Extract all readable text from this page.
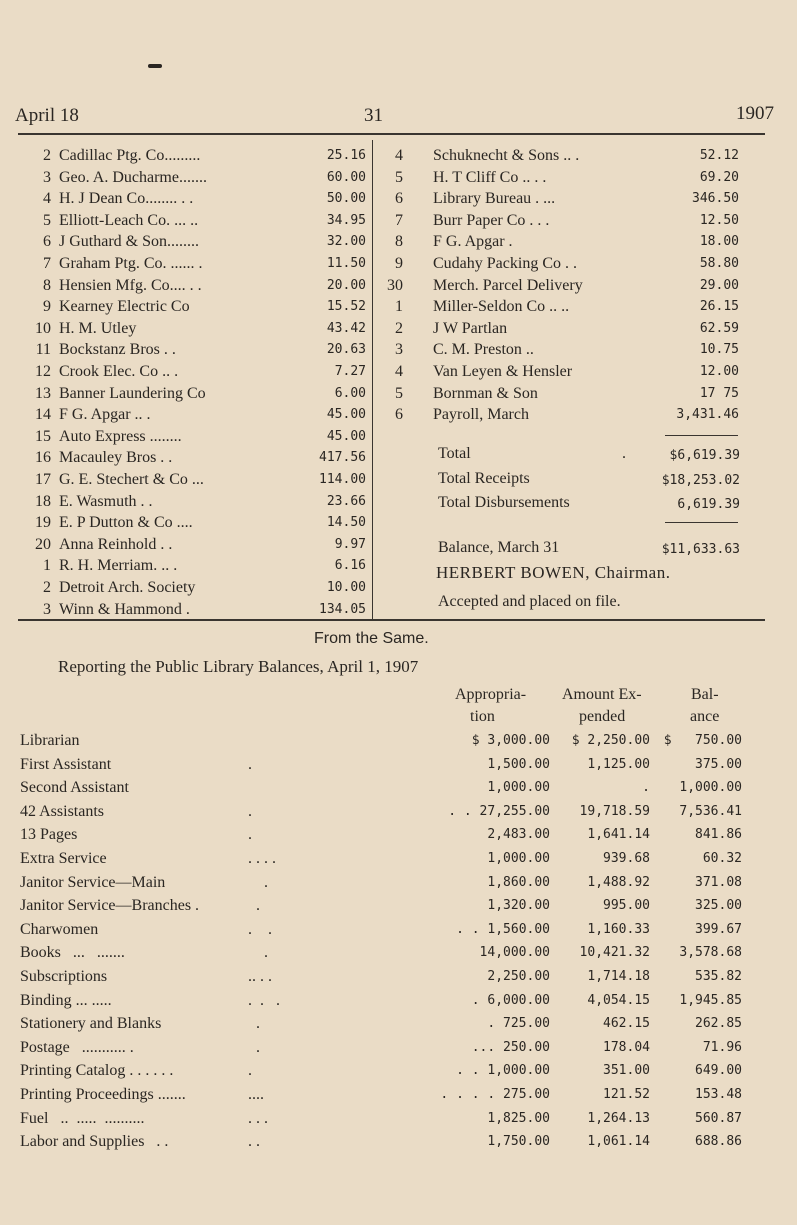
April 18	31	1907
2 Cadillac Ptg. Co.........	25.16
3 Geo. A. Ducharme.......	60.00
4 H. J Dean Co........ . .	50.00
5 Elliott-Leach Co. ... ..	34.95
6 J Guthard & Son........	32.00
7 Graham Ptg. Co. ...... .	11.50
8 Hensien Mfg. Co.... . .	20.00
9 Kearney Electric Co	15.52
10 H. M. Utley	43.42
11 Bockstanz Bros . .	20.63
12 Crook Elec. Co .. .	7.27
13 Banner Laundering Co	6.00
14 F G. Apgar .. .	45.00
15 Auto Express ........	45.00
16 Macauley Bros . .	417.56
17 G. E. Stechert & Co ...	114.00
18 E. Wasmuth . .	23.66
19 E. P Dutton & Co ....	14.50
20 Anna Reinhold . .	9.97
1 R. H. Merriam. .. .	6.16
2 Detroit Arch. Society	10.00
3 Winn & Hammond .	134.05
4 Schuknecht & Sons .. .	52.12
5 H. T Cliff Co .. . .	69.20
6 Library Bureau . ...	346.50
7 Burr Paper Co . . .	12.50
8 F G. Apgar .	18.00
9 Cudahy Packing Co . .	58.80
30 Merch. Parcel Delivery	29.00
1 Miller-Seldon Co .. ..	26.15
2 J W Partlan	62.59
3 C. M. Preston ..	10.75
4 Van Leyen & Hensler	12.00
5 Bornman & Son	17 75
6 Payroll, March	3,431.46
Total	.	$6,619.39
Total Receipts	$18,253.02
Total Disbursements	6,619.39
Balance, March 31	$11,633.63
HERBERT BOWEN, Chairman.
Accepted and placed on file.
From the Same.
Reporting the Public Library Balances, April 1, 1907
Appropria-
tion
Amount Ex-
pended
Bal-
ance
Librarian	$ 3,000.00	$ 2,250.00	$   750.00
First Assistant	.	1,500.00	1,125.00	375.00
Second Assistant	1,000.00	.	1,000.00
42 Assistants	.	. . 27,255.00	19,718.59	7,536.41
13 Pages	.	2,483.00	1,641.14	841.86
Extra Service	. . . .	1,000.00	939.68	60.32
Janitor Service—Main	.	1,860.00	1,488.92	371.08
Janitor Service—Branches .	.	1,320.00	995.00	325.00
Charwomen	.    .	. . 1,560.00	1,160.33	399.67
Books   ...   .......	.	14,000.00	10,421.32	3,578.68
Subscriptions	.. . .	2,250.00	1,714.18	535.82
Binding ... .....	.  .   .	. 6,000.00	4,054.15	1,945.85
Stationery and Blanks	.	. 725.00	462.15	262.85
Postage   ........... .	.	... 250.00	178.04	71.96
Printing Catalog . . . . . .	.	. . 1,000.00	351.00	649.00
Printing Proceedings .......	....	. . . . 275.00	121.52	153.48
Fuel   ..  .....  ..........	. . .	1,825.00	1,264.13	560.87
Labor and Supplies   . .	. .	1,750.00	1,061.14	688.86
